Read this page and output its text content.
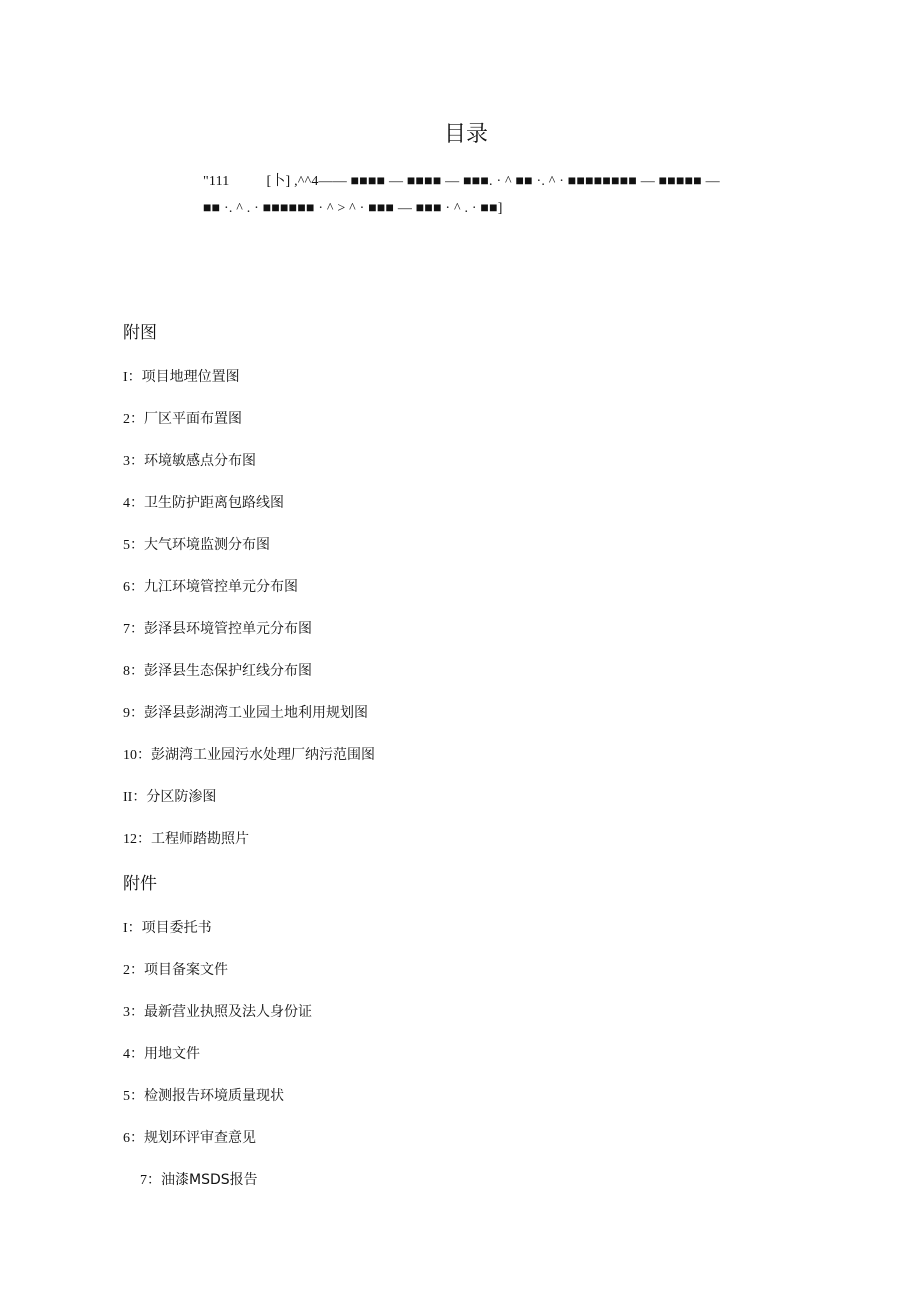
目录
"111          [卜] ,^^4—— ■■■■ — ■■■■ — ■■■. · ^ ■■ ·. ^ · ■■■■■■■■ — ■■■■■ —
■■ ·. ^ . · ■■■■■■ · ^ > ^ · ■■■ — ■■■ · ^ . · ■■]
附图
I：项目地理位置图
2：厂区平面布置图
3：环境敏感点分布图
4：卫生防护距离包路线图
5：大气环境监测分布图
6：九江环境管控单元分布图
7：彭泽县环境管控单元分布图
8：彭泽县生态保护红线分布图
9：彭泽县彭湖湾工业园土地利用规划图
10：彭湖湾工业园污水处理厂纳污范围图
II：分区防渗图
12：工程师踏勘照片
附件
I：项目委托书
2：项目备案文件
3：最新营业执照及法人身份证
4：用地文件
5：检测报告环境质量现状
6：规划环评审查意见
7：油漆MSDS报告
